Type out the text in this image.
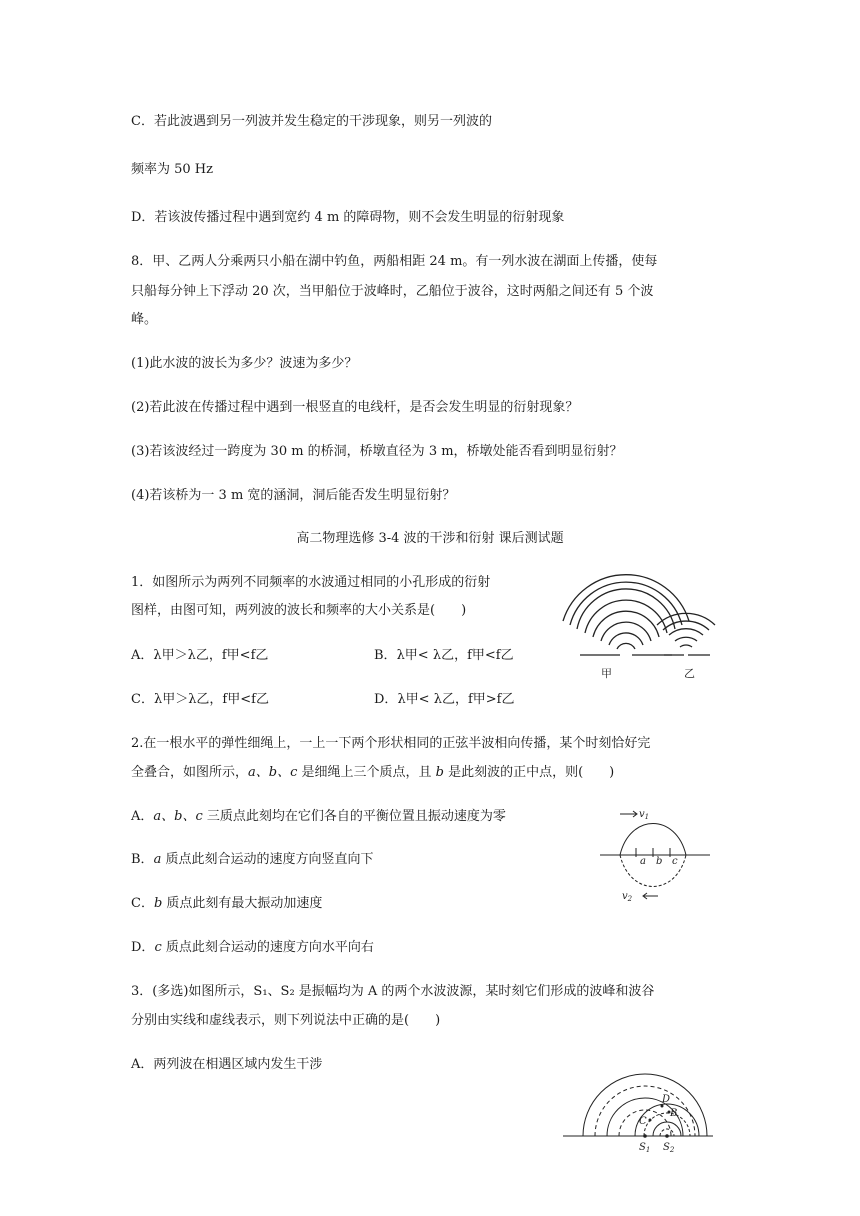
C．若此波遇到另一列波并发生稳定的干涉现象，则另一列波的
频率为 50 Hz
D．若该波传播过程中遇到宽约 4 m 的障碍物，则不会发生明显的衍射现象
8．甲、乙两人分乘两只小船在湖中钓鱼，两船相距 24 m。有一列水波在湖面上传播，使每
只船每分钟上下浮动 20 次，当甲船位于波峰时，乙船位于波谷，这时两船之间还有 5 个波
峰。
(1)此水波的波长为多少？波速为多少？
(2)若此波在传播过程中遇到一根竖直的电线杆，是否会发生明显的衍射现象？
(3)若该波经过一跨度为 30 m 的桥洞，桥墩直径为 3 m，桥墩处能否看到明显衍射？
(4)若该桥为一 3 m 宽的涵洞，洞后能否发生明显衍射？
高二物理选修 3-4 波的干涉和衍射 课后测试题
1．如图所示为两列不同频率的水波通过相同的小孔形成的衍射
图样，由图可知，两列波的波长和频率的大小关系是(　　)
A．λ甲＞λ乙，f甲<f乙	B．λ甲< λ乙，f甲<f乙
C．λ甲＞λ乙，f甲<f乙	D．λ甲< λ乙，f甲>f乙
甲	乙
2.在一根水平的弹性细绳上，一上一下两个形状相同的正弦半波相向传播，某个时刻恰好完
全叠合，如图所示，a、b、c 是细绳上三个质点，且 b 是此刻波的正中点，则(　　)
A．a、b、c 三质点此刻均在它们各自的平衡位置且振动速度为零
B．a 质点此刻合运动的速度方向竖直向下
C．b 质点此刻有最大振动加速度
D．c 质点此刻合运动的速度方向水平向右
$v_1$
$v_2$
a b c
3．(多选)如图所示，S₁、S₂ 是振幅均为 A 的两个水波波源，某时刻它们形成的波峰和波谷
分别由实线和虚线表示，则下列说法中正确的是(　　)
A．两列波在相遇区域内发生干涉
D
B
C
$S_1$ $S_2$
